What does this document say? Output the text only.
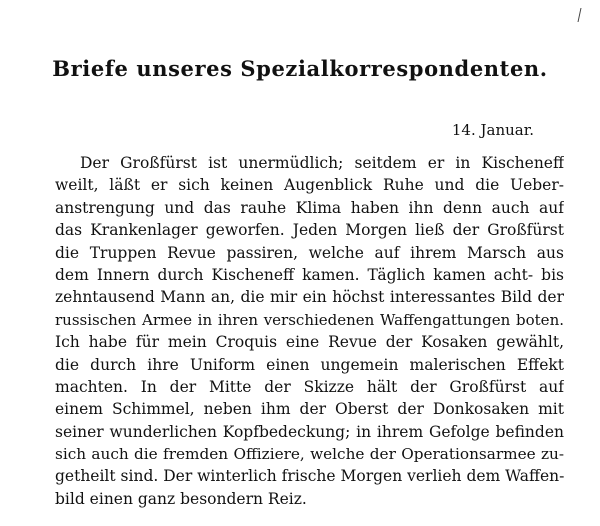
Briefe unseres Spezialkorrespondenten.
14. Januar.
Der Großfürst ist unermüdlich; seitdem er in Kischeneff
weilt, läßt er sich keinen Augenblick Ruhe und die Ueber-
anstrengung und das rauhe Klima haben ihn denn auch auf
das Krankenlager geworfen. Jeden Morgen ließ der Großfürst
die Truppen Revue passiren, welche auf ihrem Marsch aus
dem Innern durch Kischeneff kamen. Täglich kamen acht- bis
zehntausend Mann an, die mir ein höchst interessantes Bild der
russischen Armee in ihren verschiedenen Waffengattungen boten.
Ich habe für mein Croquis eine Revue der Kosaken gewählt,
die durch ihre Uniform einen ungemein malerischen Effekt
machten. In der Mitte der Skizze hält der Großfürst auf
einem Schimmel, neben ihm der Oberst der Donkosaken mit
seiner wunderlichen Kopfbedeckung; in ihrem Gefolge befinden
sich auch die fremden Offiziere, welche der Operationsarmee zu-
getheilt sind. Der winterlich frische Morgen verlieh dem Waffen-
bild einen ganz besondern Reiz.
